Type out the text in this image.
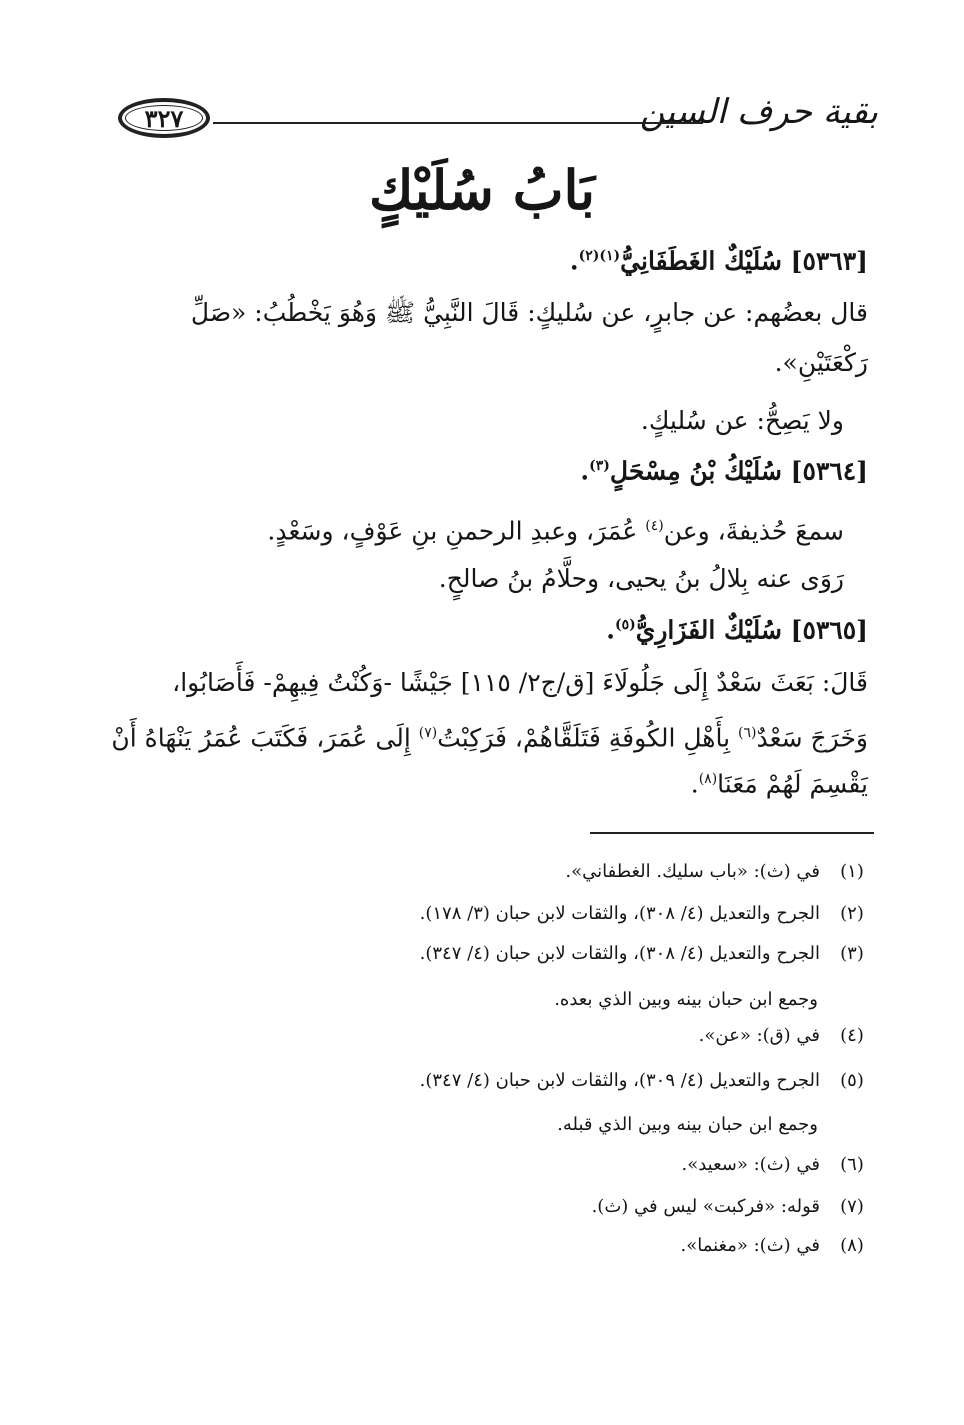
بقية حرف السين
٣٢٧
بَابُ سُلَيْكٍ
[٥٣٦٣] سُلَيْكٌ الغَطَفَانِيُّ$^{(١)(٢)}$.
قال بعضُهم: عن جابرٍ، عن سُليكٍ: قَالَ النَّبِيُّ ﷺ وَهُوَ يَخْطُبُ: «صَلِّ
رَكْعَتَيْنِ».
ولا يَصِحُّ: عن سُليكٍ.
[٥٣٦٤] سُلَيْكُ بْنُ مِسْحَلٍ$^{(٣)}$.
سمعَ حُذيفةَ، وعن$^{(٤)}$ عُمَرَ، وعبدِ الرحمنِ بنِ عَوْفٍ، وسَعْدٍ.
رَوَى عنه بِلالُ بنُ يحيى، وحلَّامُ بنُ صالحٍ.
[٥٣٦٥] سُلَيْكٌ الفَزَارِيُّ$^{(٥)}$.
قَالَ: بَعَثَ سَعْدٌ إِلَى جَلُولَاءَ [ق/ج٢/ ١١٥] جَيْشًا -وَكُنْتُ فِيهِمْ- فَأَصَابُوا،
وَخَرَجَ سَعْدٌ$^{(٦)}$ بِأَهْلِ الكُوفَةِ فَتَلَقَّاهُمْ، فَرَكِبْتُ$^{(٧)}$ إِلَى عُمَرَ، فَكَتَبَ عُمَرُ يَنْهَاهُ أَنْ
يَقْسِمَ لَهُمْ مَعَنَا$^{(٨)}$.
(١)
في (ث): «باب سليك. الغطفاني».
(٢)
الجرح والتعديل (٤/ ٣٠٨)، والثقات لابن حبان (٣/ ١٧٨).
(٣)
الجرح والتعديل (٤/ ٣٠٨)، والثقات لابن حبان (٤/ ٣٤٧).
وجمع ابن حبان بينه وبين الذي بعده.
(٤)
في (ق): «عن».
(٥)
الجرح والتعديل (٤/ ٣٠٩)، والثقات لابن حبان (٤/ ٣٤٧).
وجمع ابن حبان بينه وبين الذي قبله.
(٦)
في (ث): «سعيد».
(٧)
قوله: «فركبت» ليس في (ث).
(٨)
في (ث): «مغنما».
